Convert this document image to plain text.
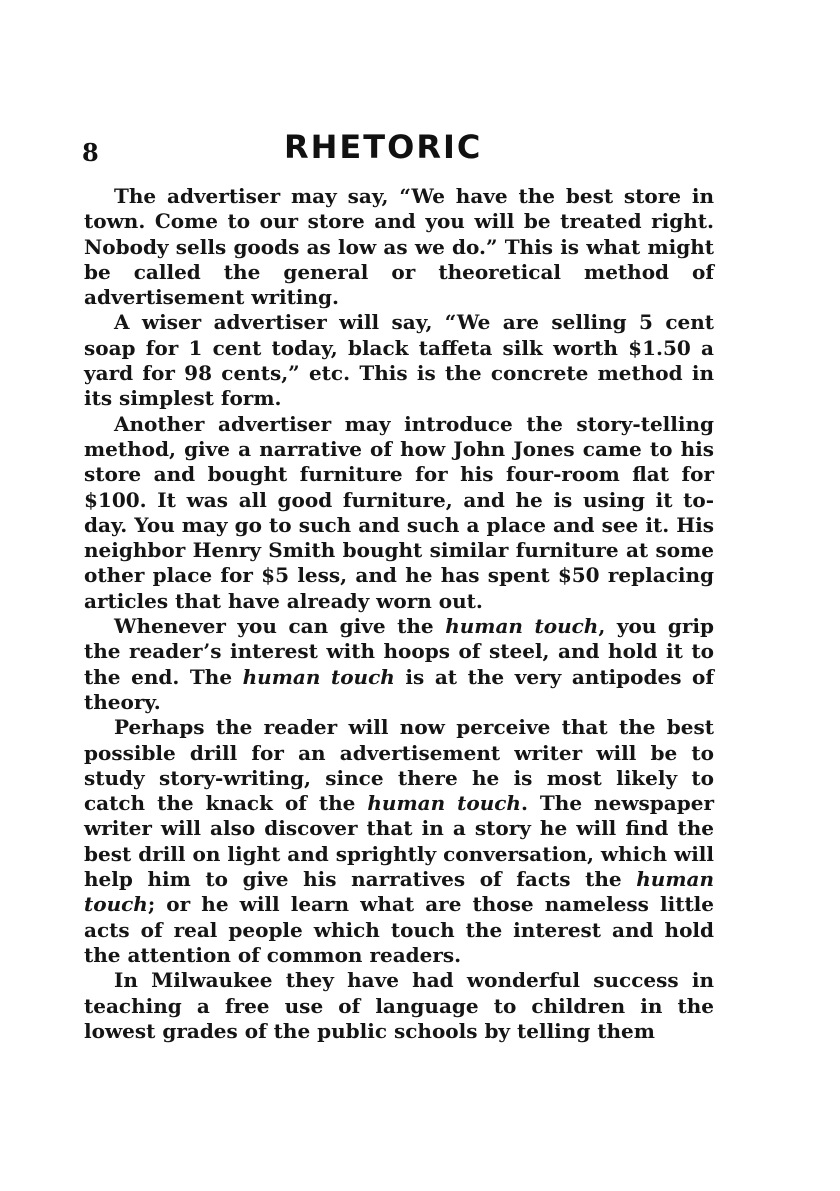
8	RHETORIC

The advertiser may say, “We have the best store in town. Come to our store and you will be treated right. Nobody sells goods as low as we do.” This is what might be called the general or theoretical method of advertisement writing.

A wiser advertiser will say, “We are selling 5 cent soap for 1 cent today, black taffeta silk worth $1.50 a yard for 98 cents,” etc. This is the concrete method in its simplest form.

Another advertiser may introduce the story-telling method, give a narrative of how John Jones came to his store and bought furniture for his four-room flat for $100. It was all good furniture, and he is using it to-day. You may go to such and such a place and see it. His neighbor Henry Smith bought similar furniture at some other place for $5 less, and he has spent $50 replacing articles that have already worn out.

Whenever you can give the human touch, you grip the reader’s interest with hoops of steel, and hold it to the end. The human touch is at the very antipodes of theory.

Perhaps the reader will now perceive that the best possible drill for an advertisement writer will be to study story-writing, since there he is most likely to catch the knack of the human touch. The newspaper writer will also discover that in a story he will find the best drill on light and sprightly conversation, which will help him to give his narratives of facts the human touch; or he will learn what are those nameless little acts of real people which touch the interest and hold the attention of common readers.

In Milwaukee they have had wonderful success in teaching a free use of language to children in the lowest grades of the public schools by telling them
